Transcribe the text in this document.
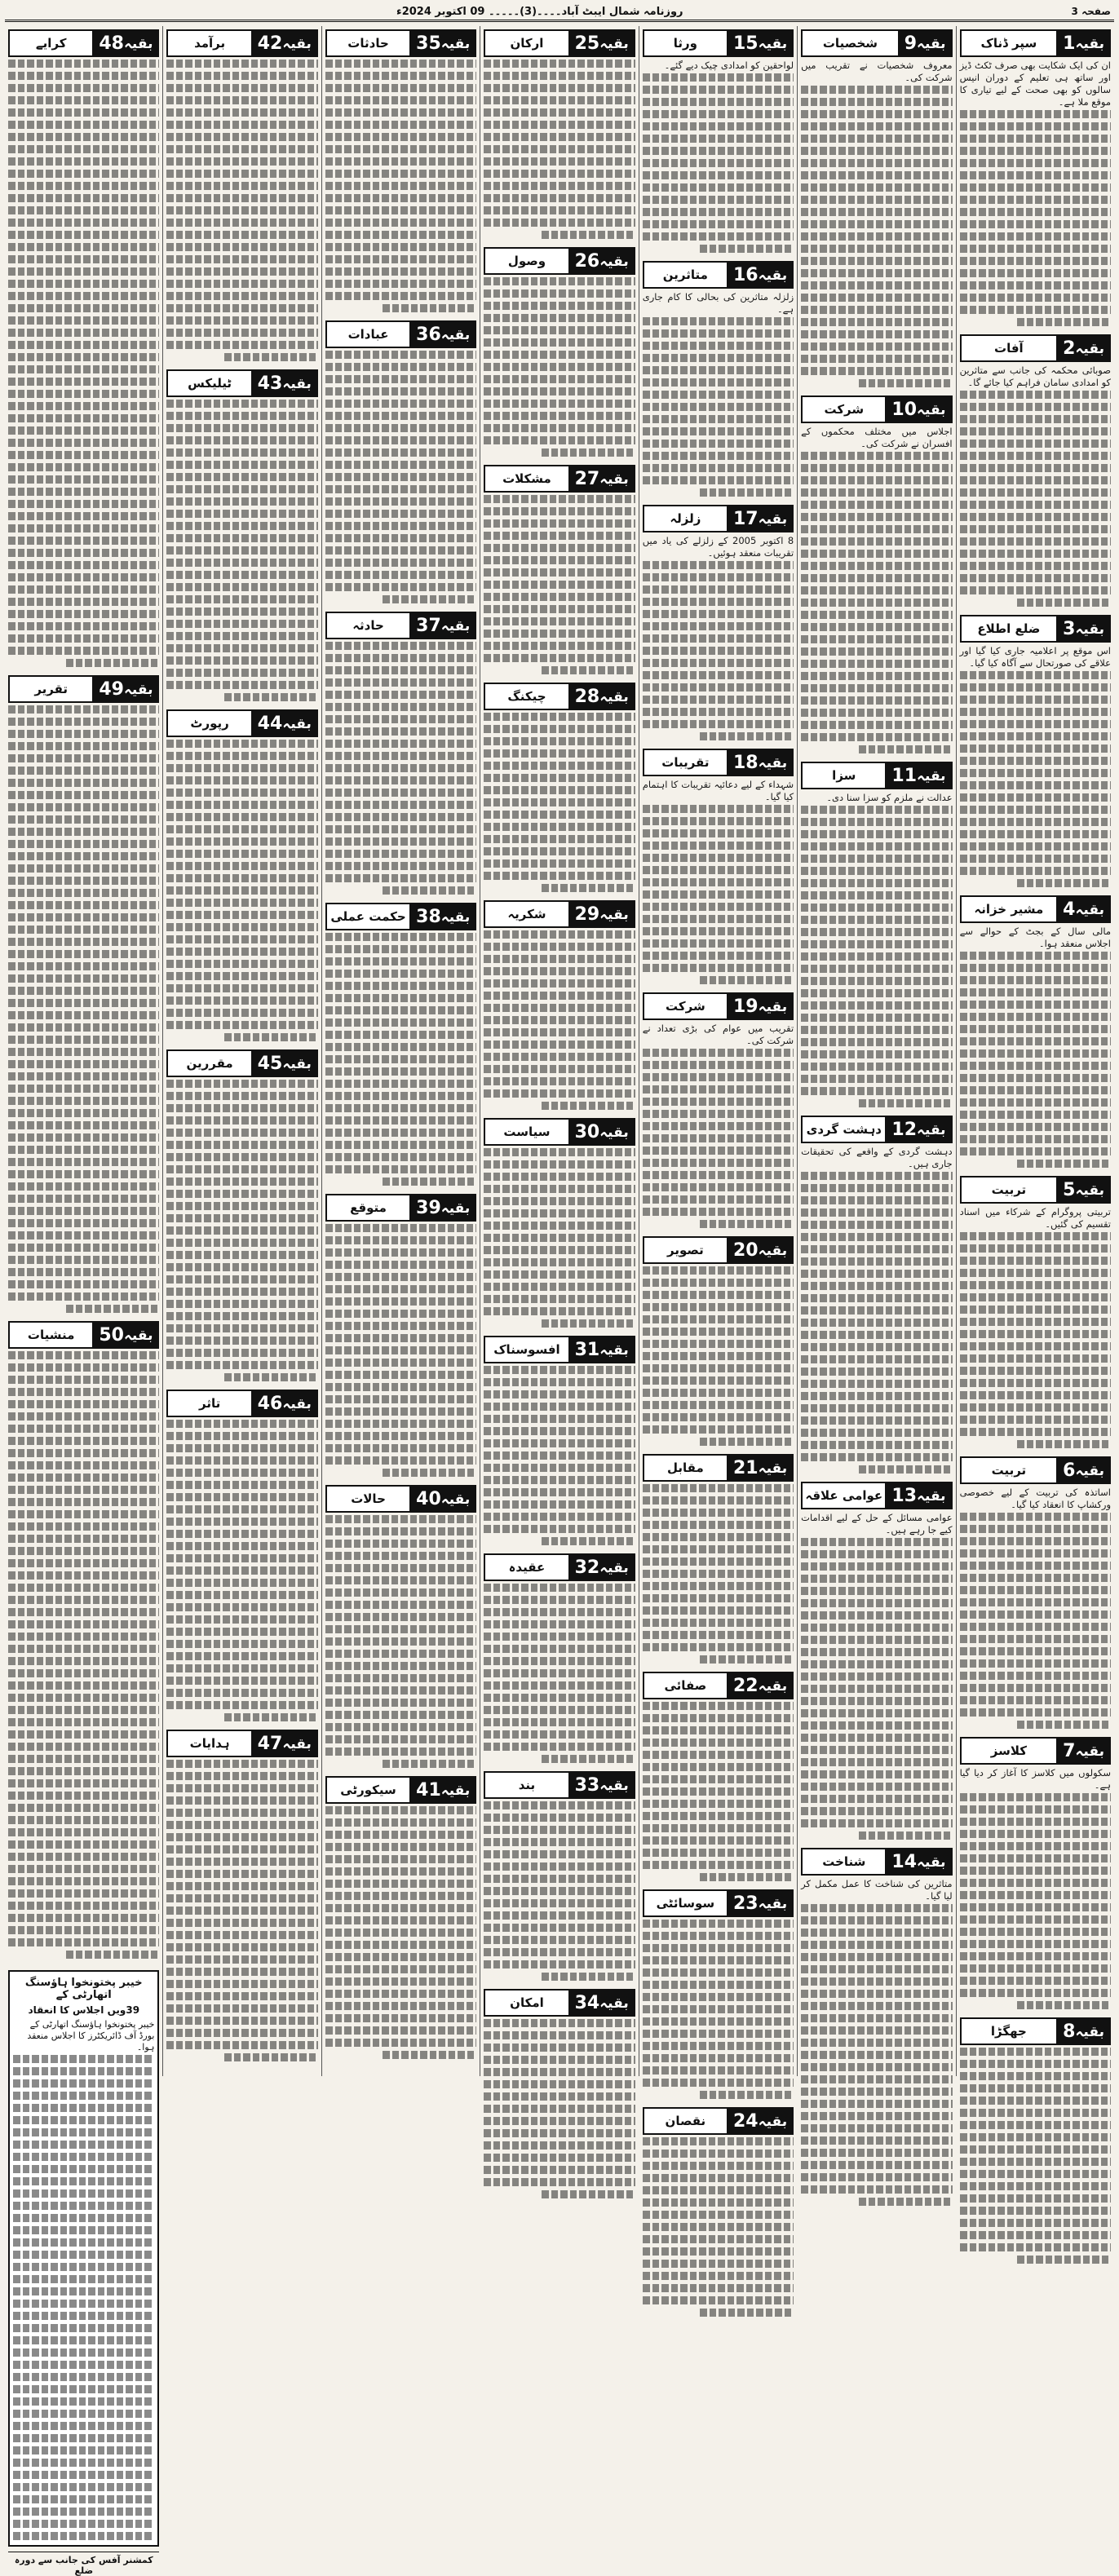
صفحہ 3
روزنامہ شمال ایبٹ آباد۔۔۔۔(3)۔۔۔۔۔ 09 اکتوبر 2024ء
بقیہ
1
سپر ڈناک
ان کی ایک شکایت بھی صرف ٹکٹ ڈیز اور ساتھ ہی تعلیم کے دوران انیس سالوں کو بھی صحت کے لیے تیاری کا موقع ملا ہے۔
بقیہ
2
آفات
صوبائی محکمہ کی جانب سے متاثرین کو امدادی سامان فراہم کیا جائے گا۔
بقیہ
3
ضلع اطلاع
اس موقع پر اعلامیہ جاری کیا گیا اور علاقے کی صورتحال سے آگاہ کیا گیا۔
بقیہ
4
مشیر خزانہ
مالی سال کے بجٹ کے حوالے سے اجلاس منعقد ہوا۔
بقیہ
5
تربیت
تربیتی پروگرام کے شرکاء میں اسناد تقسیم کی گئیں۔
بقیہ
6
تربیت
اساتذہ کی تربیت کے لیے خصوصی ورکشاپ کا انعقاد کیا گیا۔
بقیہ
7
کلاسز
سکولوں میں کلاسز کا آغاز کر دیا گیا ہے۔
بقیہ
8
جھگڑا
بقیہ
9
شخصیات
معروف شخصیات نے تقریب میں شرکت کی۔
بقیہ
10
شرکت
اجلاس میں مختلف محکموں کے افسران نے شرکت کی۔
بقیہ
11
سزا
عدالت نے ملزم کو سزا سنا دی۔
بقیہ
12
دہشت گردی
دہشت گردی کے واقعے کی تحقیقات جاری ہیں۔
بقیہ
13
عوامی علاقہ
عوامی مسائل کے حل کے لیے اقدامات کیے جا رہے ہیں۔
بقیہ
14
شناخت
متاثرین کی شناخت کا عمل مکمل کر لیا گیا۔
بقیہ
15
ورثا
لواحقین کو امدادی چیک دیے گئے۔
بقیہ
16
متاثرین
زلزلہ متاثرین کی بحالی کا کام جاری ہے۔
بقیہ
17
زلزلہ
8 اکتوبر 2005 کے زلزلے کی یاد میں تقریبات منعقد ہوئیں۔
بقیہ
18
تقریبات
شہداء کے لیے دعائیہ تقریبات کا اہتمام کیا گیا۔
بقیہ
19
شرکت
تقریب میں عوام کی بڑی تعداد نے شرکت کی۔
بقیہ
20
تصویر
بقیہ
21
مقابل
بقیہ
22
صفائی
بقیہ
23
سوسائٹی
بقیہ
24
نقصان
بقیہ
25
ارکان
بقیہ
26
وصول
بقیہ
27
مشکلات
بقیہ
28
چیکنگ
بقیہ
29
شکریہ
بقیہ
30
سیاست
بقیہ
31
افسوسناک
بقیہ
32
عقیدہ
بقیہ
33
بند
بقیہ
34
امکان
بقیہ
35
حادثات
بقیہ
36
عبادات
بقیہ
37
حادثہ
بقیہ
38
حکمت عملی
بقیہ
39
متوقع
بقیہ
40
حالات
بقیہ
41
سیکورٹی
بقیہ
42
برآمد
بقیہ
43
ٹیلیکس
بقیہ
44
رپورٹ
بقیہ
45
مقررین
بقیہ
46
تاثر
بقیہ
47
ہدایات
بقیہ
48
کرایے
بقیہ
49
تقریر
بقیہ
50
منشیات
خیبر پختونخوا ہاؤسنگ اتھارٹی کے
39ویں اجلاس کا انعقاد
خیبر پختونخوا ہاؤسنگ اتھارٹی کے بورڈ آف ڈائریکٹرز کا اجلاس منعقد ہوا۔
کمشنر آفس کی جانب سے دورہ ضلع
